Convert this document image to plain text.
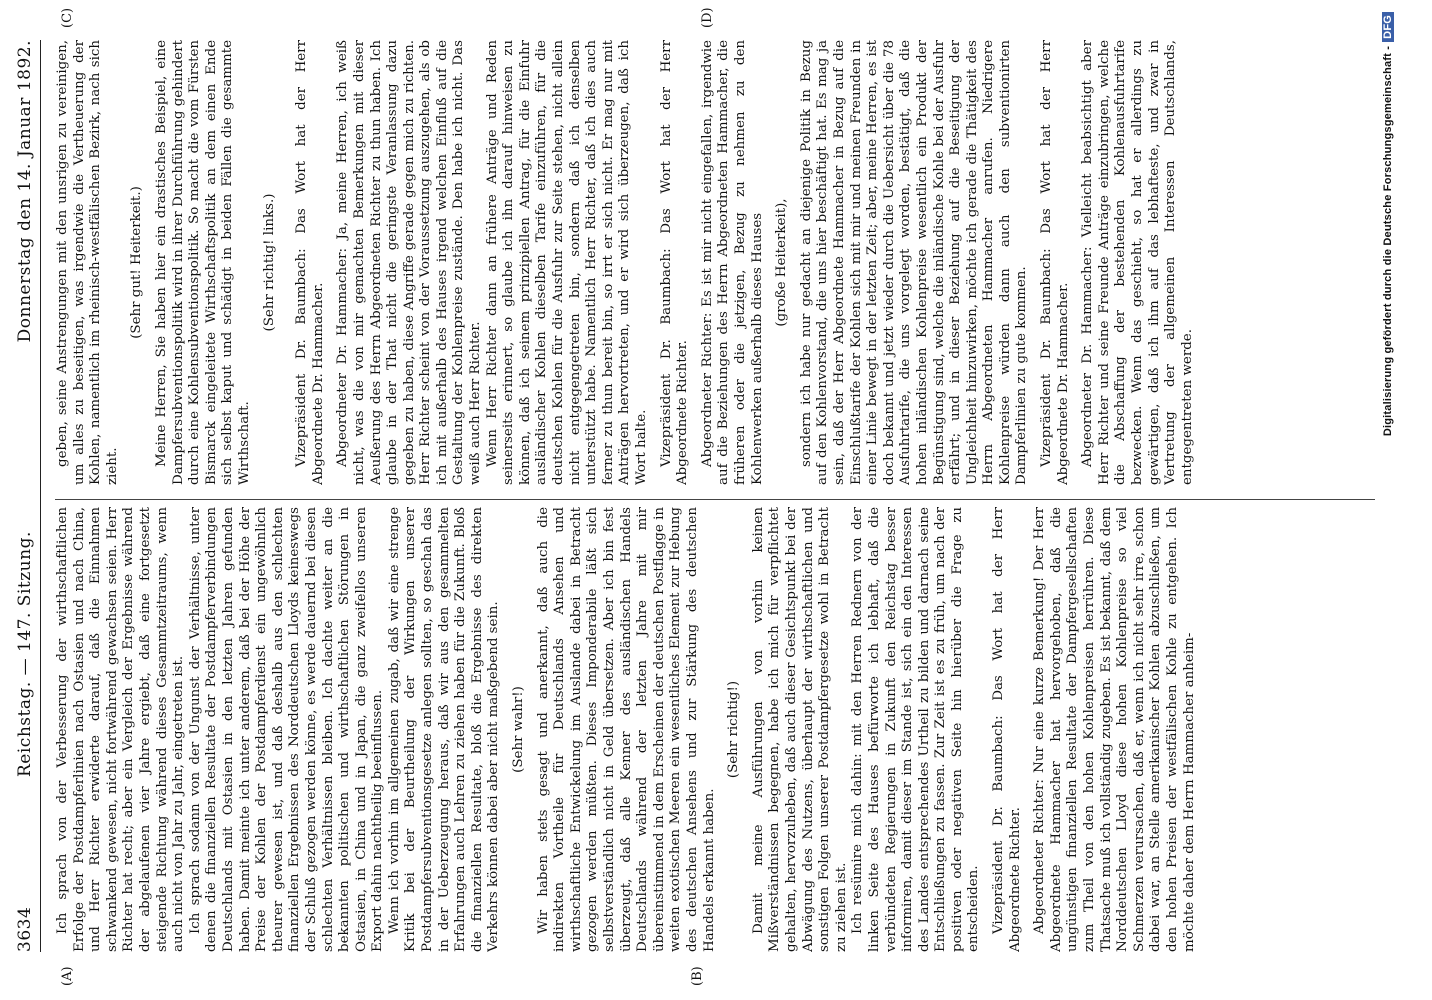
3634
Reichstag. — 147. Sitzung.
Donnerstag den 14. Januar 1892.
(A)	(B)
(C)	(D)

Ich sprach von der Verbesserung der wirthschaftlichen Erfolge der Postdampferlinien nach Ostasien und nach China, und Herr Richter erwiderte darauf, daß die Einnahmen schwankend gewesen, nicht fortwährend gewachsen seien. Herr Richter hat recht; aber ein Vergleich der Ergebnisse während der abgelaufenen vier Jahre ergiebt, daß eine fortgesetzt steigende Richtung während dieses Gesammtzeitraums, wenn auch nicht von Jahr zu Jahr, eingetreten ist. Ich sprach sodann von der Ungunst der Verhältnisse, unter denen die finanziellen Resultate der Postdampferverbindungen Deutschlands mit Ostasien in den letzten Jahren gefunden haben. Damit meinte ich unter anderem, daß bei der Höhe der Preise der Kohlen der Postdampferdienst ein ungewöhnlich theurer gewesen ist, und daß deshalb aus den schlechten finanziellen Ergebnissen des Norddeutschen Lloyds keineswegs der Schluß gezogen werden könne, es werde dauernd bei diesen schlechten Verhältnissen bleiben. Ich dachte weiter an die bekannten politischen und wirthschaftlichen Störungen in Ostasien, in China und in Japan, die ganz zweifellos unseren Export dahin nachtheilig beeinflussen. Wenn ich vorhin im allgemeinen zugab, daß wir eine strenge Kritik bei der Beurtheilung der Wirkungen unserer Postdampfersubventionsgesetze anlegen sollten, so geschah das in der Ueberzeugung heraus, daß wir aus den gesammelten Erfahrungen auch Lehren zu ziehen haben für die Zukunft. Bloß die finanziellen Resultate, bloß die Ergebnisse des direkten Verkehrs können dabei aber nicht maßgebend sein. (Sehr wahr!) Wir haben stets gesagt und anerkannt, daß auch die indirekten Vortheile für Deutschlands Ansehen und wirthschaftliche Entwickelung im Auslande dabei in Betracht gezogen werden müßten. Dieses Imponderabile läßt sich selbstverständlich nicht in Geld übersetzen. Aber ich bin fest überzeugt, daß alle Kenner des ausländischen Handels Deutschlands während der letzten Jahre mit mir übereinstimmend in dem Erscheinen der deutschen Postflagge in weiten exotischen Meeren ein wesentliches Element zur Hebung des deutschen Ansehens und zur Stärkung des deutschen Handels erkannt haben.

(Sehr richtig!) Damit meine Ausführungen von vorhin keinen Mißverständnissen begegnen, habe ich mich für verpflichtet gehalten, hervorzuheben, daß auch dieser Gesichtspunkt bei der Abwägung des Nutzens, überhaupt der wirthschaftlichen und sonstigen Folgen unserer Postdampfergesetze wohl in Betracht zu ziehen ist. Ich resümire mich dahin: mit den Herren Rednern von der linken Seite des Hauses befürworte ich lebhaft, daß die verbündeten Regierungen in Zukunft den Reichstag besser informiren, damit dieser im Stande ist, sich ein den Interessen des Landes entsprechendes Urtheil zu bilden und darnach seine Entschließungen zu fassen. Zur Zeit ist es zu früh, um nach der positiven oder negativen Seite hin hierüber die Frage zu entscheiden. Vizepräsident Dr. Baumbach: Das Wort hat der Herr Abgeordnete Richter. Abgeordneter Richter: Nur eine kurze Bemerkung! Der Herr Abgeordnete Hammacher hat hervorgehoben, daß die ungünstigen finanziellen Resultate der Dampfergesellschaften zum Theil von den hohen Kohlenpreisen herrühren. Diese Thatsache muß ich vollständig zugeben. Es ist bekannt, daß dem Norddeutschen Lloyd diese hohen Kohlenpreise so viel Schmerzen verursachen, daß er, wenn ich nicht sehr irre, schon dabei war, an Stelle amerikanischer Kohlen abzuschließen, um den hohen Preisen der westfälischen Kohle zu entgehen. Ich möchte daher dem Herrn Hammacher anheim-

geben, seine Anstrengungen mit den unsrigen zu vereinigen, um alles zu beseitigen, was irgendwie die Vertheuerung der Kohlen, namentlich im rheinisch-westfälischen Bezirk, nach sich zieht.

(Sehr gut! Heiterkeit.) Meine Herren, Sie haben hier ein drastisches Beispiel, eine Dampfersubventionspolitik wird in ihrer Durchführung gehindert durch eine Kohlensubventionspolitik. So macht die vom Fürsten Bismarck eingeleitete Wirthschaftspolitik an dem einen Ende sich selbst kaput und schädigt in beiden Fällen die gesammte Wirthschaft.

(Sehr richtig! links.) Vizepräsident Dr. Baumbach: Das Wort hat der Herr Abgeordnete Dr. Hammacher. Abgeordneter Dr. Hammacher: Ja, meine Herren, ich weiß nicht, was die von mir gemachten Bemerkungen mit dieser Aeußerung des Herrn Abgeordneten Richter zu thun haben. Ich glaube in der That nicht die geringste Veranlassung dazu gegeben zu haben, diese Angriffe gerade gegen mich zu richten. Herr Richter scheint von der Voraussetzung auszugehen, als ob ich mit außerhalb des Hauses irgend welchen Einfluß auf die Gestaltung der Kohlenpreise zustände. Den habe ich nicht. Das weiß auch Herr Richter. Wenn Herr Richter dann an frühere Anträge und Reden seinerseits erinnert, so glaube ich ihn darauf hinweisen zu können, daß ich seinem prinzipiellen Antrag, für die Einfuhr ausländischer Kohlen dieselben Tarife einzuführen, für die deutschen Kohlen für die Ausfuhr zur Seite stehen, nicht allein nicht entgegengetreten bin, sondern daß ich denselben unterstützt habe. Namentlich Herr Richter, daß ich dies auch ferner zu thun bereit bin, so irrt er sich nicht. Er mag nur mit Anträgen hervortreten, und er wird sich überzeugen, daß ich Wort halte. Vizepräsident Dr. Baumbach: Das Wort hat der Herr Abgeordnete Richter. Abgeordneter Richter: Es ist mir nicht eingefallen, irgendwie auf die Beziehungen des Herrn Abgeordneten Hammacher, die früheren oder die jetzigen, Bezug zu nehmen zu den Kohlenwerken außerhalb dieses Hauses (große Heiterkeit), sondern ich habe nur gedacht an diejenige Politik in Bezug auf den Kohlenvorstand, die uns hier beschäftigt hat. Es mag ja sein, daß der Herr Abgeordnete Hammacher in Bezug auf die Einschlußtarife der Kohlen sich mit mir und meinen Freunden in einer Linie bewegt in der letzten Zeit; aber, meine Herren, es ist doch bekannt und jetzt wieder durch die Uebersicht über die 78 Ausfuhrtarife, die uns vorgelegt worden, bestätigt, daß die hohen inländischen Kohlenpreise wesentlich ein Produkt der Begünstigung sind, welche die inländische Kohle bei der Ausfuhr erfährt; und in dieser Beziehung auf die Beseitigung der Ungleichheit hinzuwirken, möchte ich gerade die Thätigkeit des Herrn Abgeordneten Hammacher anrufen. Niedrigere Kohlenpreise würden dann auch den subventionirten Dampferlinien zu gute kommen. Vizepräsident Dr. Baumbach: Das Wort hat der Herr Abgeordnete Dr. Hammacher. Abgeordneter Dr. Hammacher: Vielleicht beabsichtigt aber Herr Richter und seine Freunde Anträge einzubringen, welche die Abschaffung der bestehenden Kohlenausfuhrtarife bezwecken. Wenn das geschieht, so hat er allerdings zu gewärtigen, daß ich ihm auf das lebhafteste, und zwar in Vertretung der allgemeinen Interessen Deutschlands, entgegentreten werde.	Digitalisierung gefördert durch die Deutsche Forschungsgemeinschaft -DFG
